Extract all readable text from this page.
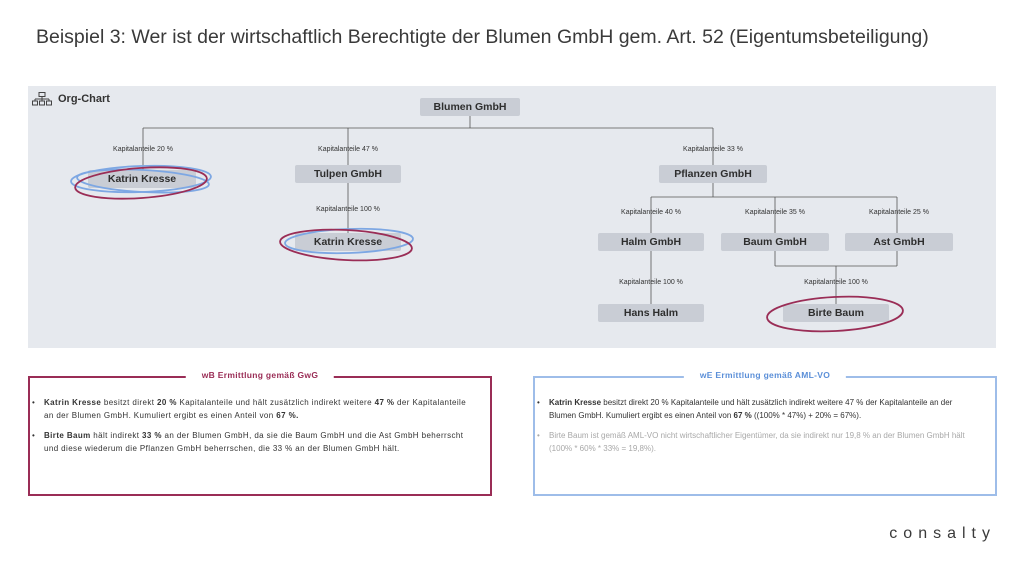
Beispiel 3: Wer ist der wirtschaftlich Berechtigte der Blumen GmbH gem. Art. 52 (Eigentumsbeteiligung)
Org-Chart
Blumen GmbH
Katrin Kresse	Tulpen GmbH	Pflanzen GmbH
Katrin Kresse	Halm GmbH	Baum GmbH	Ast GmbH
Hans Halm	Birte Baum
Kapitalanteile 20 %	Kapitalanteile 47 %	Kapitalanteile 33 %
Kapitalanteile 100 %	Kapitalanteile 40 %	Kapitalanteile 35 %	Kapitalanteile 25 %
Kapitalanteile 100 %	Kapitalanteile 100 %
wB Ermittlung gemäß GwG
• Katrin Kresse besitzt direkt 20 % Kapitalanteile und hält zusätzlich indirekt weitere 47 % der Kapitalanteile an der Blumen GmbH. Kumuliert ergibt es einen Anteil von 67 %.
• Birte Baum hält indirekt 33 % an der Blumen GmbH, da sie die Baum GmbH und die Ast GmbH beherrscht und diese wiederum die Pflanzen GmbH beherrschen, die 33 % an der Blumen GmbH hält.
wE Ermittlung gemäß AML-VO
• Katrin Kresse besitzt direkt 20 % Kapitalanteile und hält zusätzlich indirekt weitere 47 % der Kapitalanteile an der Blumen GmbH. Kumuliert ergibt es einen Anteil von 67 % ((100% * 47%) + 20% = 67%).
• Birte Baum ist gemäß AML-VO nicht wirtschaftlicher Eigentümer, da sie indirekt nur 19,8 % an der Blumen GmbH hält (100% * 60% * 33% = 19,8%).
consalty
